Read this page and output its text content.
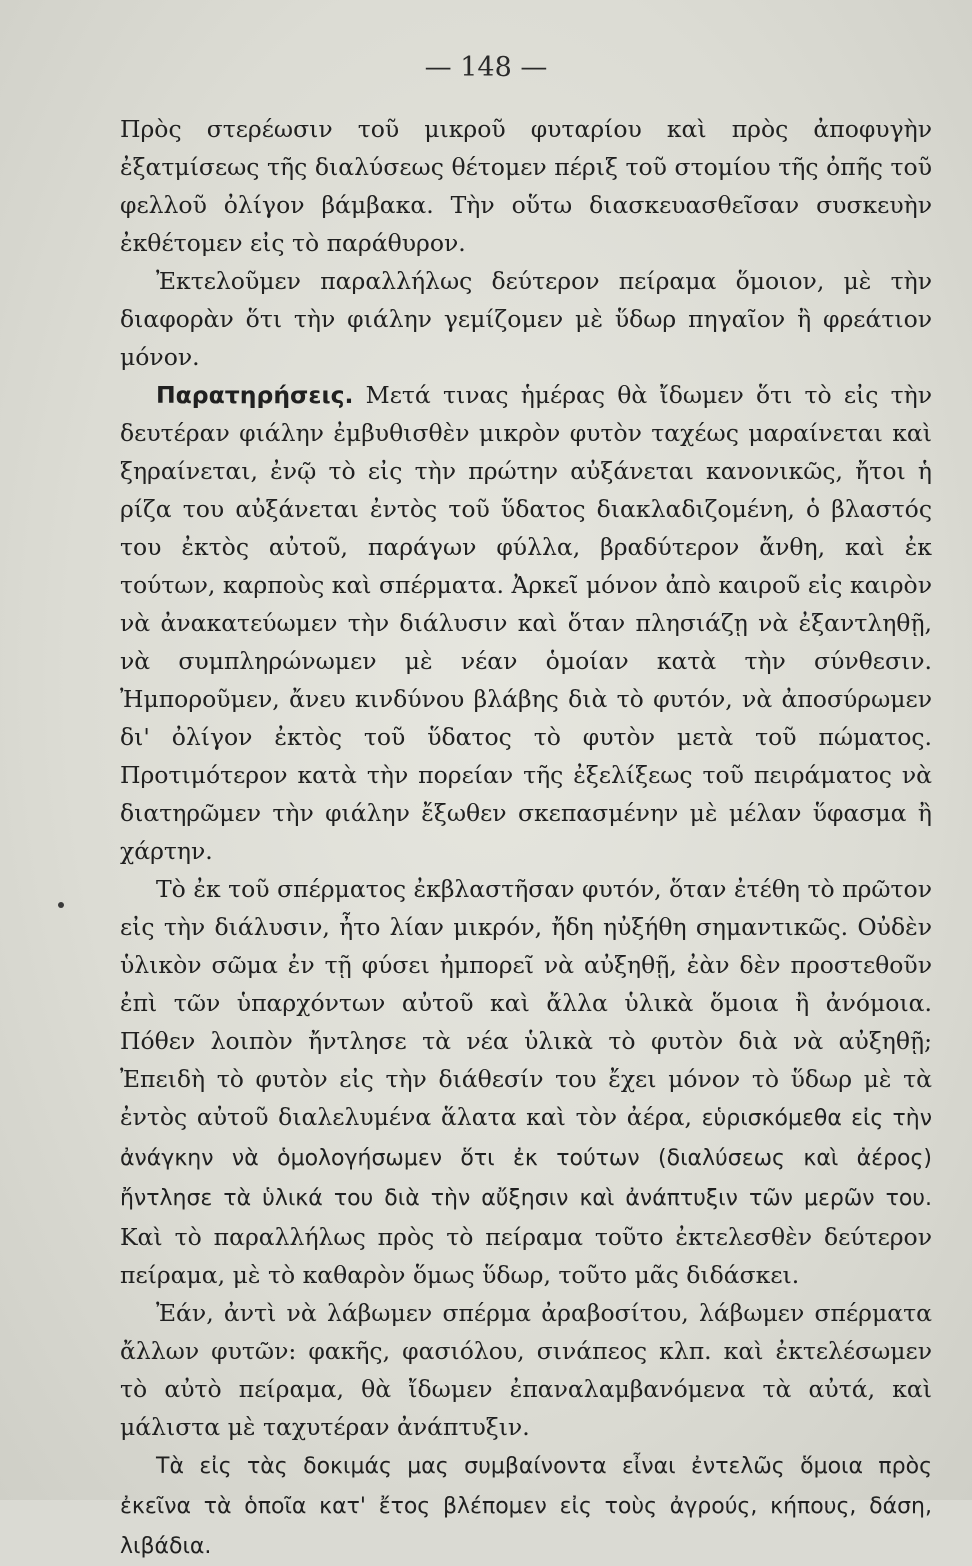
— 148 —

Πρὸς στερέωσιν τοῦ μικροῦ φυταρίου καὶ πρὸς ἀποφυγὴν ἐξατμίσεως τῆς διαλύσεως θέτομεν πέριξ τοῦ στομίου τῆς ὀπῆς τοῦ φελλοῦ ὀλίγον βάμβακα. Τὴν οὕτω διασκευασθεῖσαν συσκευὴν ἐκθέτομεν εἰς τὸ παράθυρον.

Ἐκτελοῦμεν παραλλήλως δεύτερον πείραμα ὅμοιον, μὲ τὴν διαφορὰν ὅτι τὴν φιάλην γεμίζομεν μὲ ὕδωρ πηγαῖον ἢ φρεάτιον μόνον.

Παρατηρήσεις. Μετά τινας ἡμέρας θὰ ἴδωμεν ὅτι τὸ εἰς τὴν δευτέραν φιάλην ἐμβυθισθὲν μικρὸν φυτὸν ταχέως μαραίνεται καὶ ξηραίνεται, ἐνῷ τὸ εἰς τὴν πρώτην αὐξάνεται κανονικῶς, ἤτοι ἡ ρίζα του αὐξάνεται ἐντὸς τοῦ ὕδατος διακλαδιζομένη, ὁ βλαστός του ἐκτὸς αὐτοῦ, παράγων φύλλα, βραδύτερον ἄνθη, καὶ ἐκ τούτων, καρποὺς καὶ σπέρματα. Ἀρκεῖ μόνον ἀπὸ καιροῦ εἰς καιρὸν νὰ ἀνακατεύωμεν τὴν διάλυσιν καὶ ὅταν πλησιάζῃ νὰ ἐξαντληθῇ, νὰ συμπληρώνωμεν μὲ νέαν ὁμοίαν κατὰ τὴν σύνθεσιν. Ἠμποροῦμεν, ἄνευ κινδύνου βλάβης διὰ τὸ φυτόν, νὰ ἀποσύρωμεν δι' ὀλίγον ἐκτὸς τοῦ ὕδατος τὸ φυτὸν μετὰ τοῦ πώματος. Προτιμότερον κατὰ τὴν πορείαν τῆς ἐξελίξεως τοῦ πειράματος νὰ διατηρῶμεν τὴν φιάλην ἔξωθεν σκεπασμένην μὲ μέλαν ὕφασμα ἢ χάρτην.

Τὸ ἐκ τοῦ σπέρματος ἐκβλαστῆσαν φυτόν, ὅταν ἐτέθη τὸ πρῶτον εἰς τὴν διάλυσιν, ἦτο λίαν μικρόν, ἤδη ηὐξήθη σημαντικῶς. Οὐδὲν ὑλικὸν σῶμα ἐν τῇ φύσει ἠμπορεῖ νὰ αὐξηθῇ, ἐὰν δὲν προστεθοῦν ἐπὶ τῶν ὑπαρχόντων αὐτοῦ καὶ ἄλλα ὑλικὰ ὅμοια ἢ ἀνόμοια. Πόθεν λοιπὸν ἤντλησε τὰ νέα ὑλικὰ τὸ φυτὸν διὰ νὰ αὐξηθῇ; Ἐπειδὴ τὸ φυτὸν εἰς τὴν διάθεσίν του ἔχει μόνον τὸ ὕδωρ μὲ τὰ ἐντὸς αὐτοῦ διαλελυμένα ἅλατα καὶ τὸν ἀέρα, εὑρισκόμεθα εἰς τὴν ἀνάγκην νὰ ὁμολογήσωμεν ὅτι ἐκ τούτων (διαλύσεως καὶ ἀέρος) ἤντλησε τὰ ὑλικά του διὰ τὴν αὔξησιν καὶ ἀνάπτυξιν τῶν μερῶν του. Καὶ τὸ παραλλήλως πρὸς τὸ πείραμα τοῦτο ἐκτελεσθὲν δεύτερον πείραμα, μὲ τὸ καθαρὸν ὅμως ὕδωρ, τοῦτο μᾶς διδάσκει.

Ἐάν, ἀντὶ νὰ λάβωμεν σπέρμα ἀραβοσίτου, λάβωμεν σπέρματα ἄλλων φυτῶν: φακῆς, φασιόλου, σινάπεος κλπ. καὶ ἐκτελέσωμεν τὸ αὐτὸ πείραμα, θὰ ἴδωμεν ἐπαναλαμβανόμενα τὰ αὐτά, καὶ μάλιστα μὲ ταχυτέραν ἀνάπτυξιν.

Τὰ εἰς τὰς δοκιμάς μας συμβαίνοντα εἶναι ἐντελῶς ὅμοια πρὸς ἐκεῖνα τὰ ὁποῖα κατ' ἔτος βλέπομεν εἰς τοὺς ἀγρούς, κήπους, δάση, λιβάδια.
